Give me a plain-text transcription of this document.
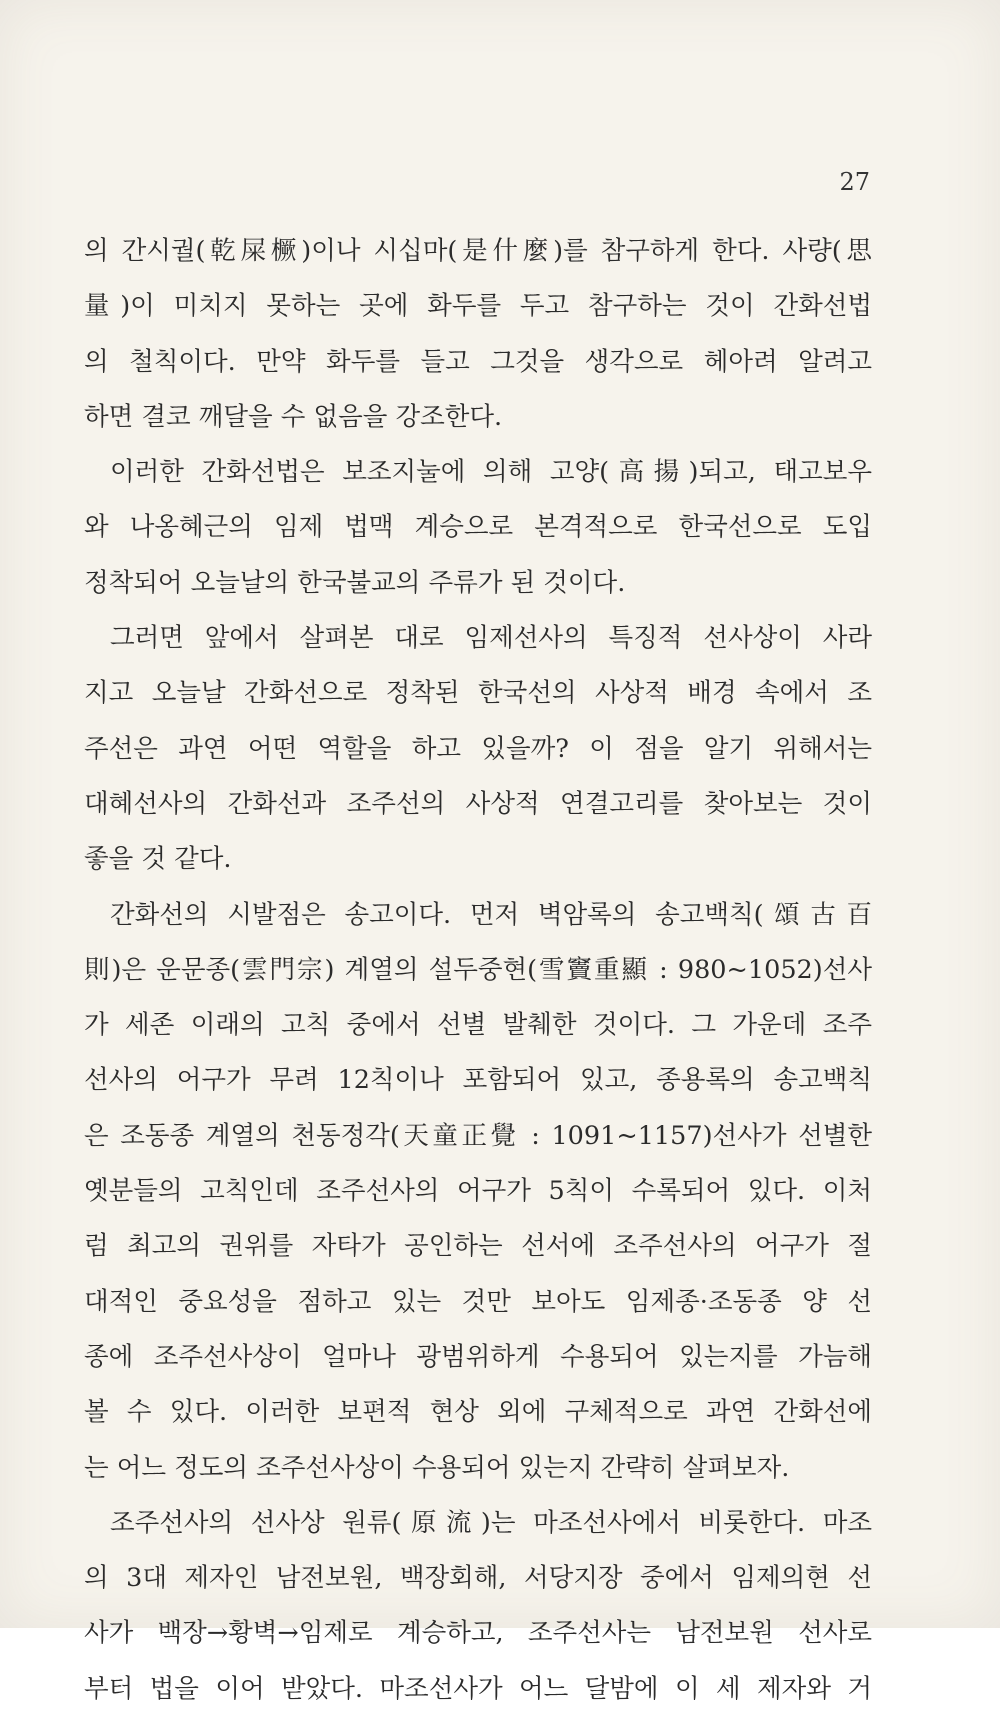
27
의 간시궐(乾屎橛)이나 시십마(是什麼)를 참구하게 한다. 사량(思
量)이 미치지 못하는 곳에 화두를 두고 참구하는 것이 간화선법
의 철칙이다. 만약 화두를 들고 그것을 생각으로 헤아려 알려고
하면 결코 깨달을 수 없음을 강조한다.
이러한 간화선법은 보조지눌에 의해 고양(高揚)되고, 태고보우
와 나옹혜근의 임제 법맥 계승으로 본격적으로 한국선으로 도입
정착되어 오늘날의 한국불교의 주류가 된 것이다.
그러면 앞에서 살펴본 대로 임제선사의 특징적 선사상이 사라
지고 오늘날 간화선으로 정착된 한국선의 사상적 배경 속에서 조
주선은 과연 어떤 역할을 하고 있을까? 이 점을 알기 위해서는
대혜선사의 간화선과 조주선의 사상적 연결고리를 찾아보는 것이
좋을 것 같다.
간화선의 시발점은 송고이다. 먼저 벽암록의 송고백칙(頌古百
則)은 운문종(雲門宗) 계열의 설두중현(雪竇重顯 : 980~1052)선사
가 세존 이래의 고칙 중에서 선별 발췌한 것이다. 그 가운데 조주
선사의 어구가 무려 12칙이나 포함되어 있고, 종용록의 송고백칙
은 조동종 계열의 천동정각(天童正覺 : 1091~1157)선사가 선별한
옛분들의 고칙인데 조주선사의 어구가 5칙이 수록되어 있다. 이처
럼 최고의 권위를 자타가 공인하는 선서에 조주선사의 어구가 절
대적인 중요성을 점하고 있는 것만 보아도 임제종·조동종 양 선
종에 조주선사상이 얼마나 광범위하게 수용되어 있는지를 가늠해
볼 수 있다. 이러한 보편적 현상 외에 구체적으로 과연 간화선에
는 어느 정도의 조주선사상이 수용되어 있는지 간략히 살펴보자.
조주선사의 선사상 원류(原流)는 마조선사에서 비롯한다. 마조
의 3대 제자인 남전보원, 백장회해, 서당지장 중에서 임제의현 선
사가 백장→황벽→임제로 계승하고, 조주선사는 남전보원 선사로
부터 법을 이어 받았다. 마조선사가 어느 달밤에 이 세 제자와 거
